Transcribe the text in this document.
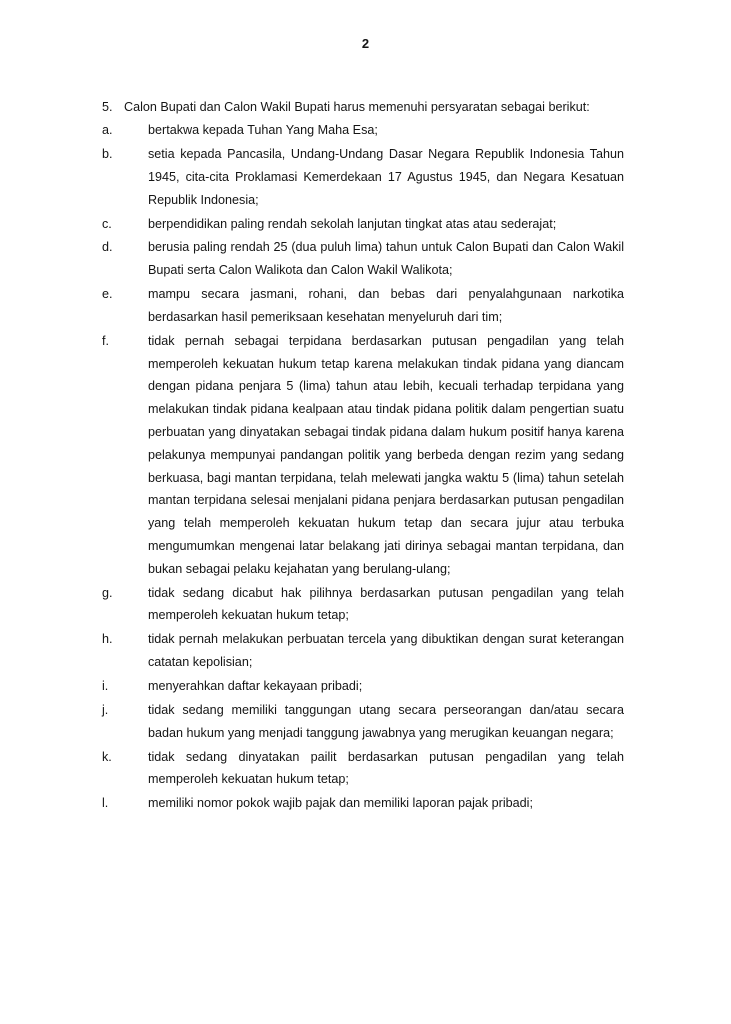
2
5. Calon Bupati dan Calon Wakil Bupati harus memenuhi persyaratan sebagai berikut:
a.	bertakwa kepada Tuhan Yang Maha Esa;
b.	setia kepada Pancasila, Undang-Undang Dasar Negara Republik Indonesia Tahun 1945, cita-cita Proklamasi Kemerdekaan 17 Agustus 1945, dan Negara Kesatuan Republik Indonesia;
c.	berpendidikan paling rendah sekolah lanjutan tingkat atas atau sederajat;
d.	berusia paling rendah 25 (dua puluh lima) tahun untuk Calon Bupati dan Calon Wakil Bupati serta Calon Walikota dan Calon Wakil Walikota;
e.	mampu secara jasmani, rohani, dan bebas dari penyalahgunaan narkotika berdasarkan hasil pemeriksaan kesehatan menyeluruh dari tim;
f.	tidak pernah sebagai terpidana berdasarkan putusan pengadilan yang telah memperoleh kekuatan hukum tetap karena melakukan tindak pidana yang diancam dengan pidana penjara 5 (lima) tahun atau lebih, kecuali terhadap terpidana yang melakukan tindak pidana kealpaan atau tindak pidana politik dalam pengertian suatu perbuatan yang dinyatakan sebagai tindak pidana dalam hukum positif hanya karena pelakunya mempunyai pandangan politik yang berbeda dengan rezim yang sedang berkuasa, bagi mantan terpidana, telah melewati jangka waktu 5 (lima) tahun setelah mantan terpidana selesai menjalani pidana penjara berdasarkan putusan pengadilan yang telah memperoleh kekuatan hukum tetap dan secara jujur atau terbuka mengumumkan mengenai latar belakang jati dirinya sebagai mantan terpidana, dan bukan sebagai pelaku kejahatan yang berulang-ulang;
g.	tidak sedang dicabut hak pilihnya berdasarkan putusan pengadilan yang telah memperoleh kekuatan hukum tetap;
h.	tidak pernah melakukan perbuatan tercela yang dibuktikan dengan surat keterangan catatan kepolisian;
i.	menyerahkan daftar kekayaan pribadi;
j.	tidak sedang memiliki tanggungan utang secara perseorangan dan/atau secara badan hukum yang menjadi tanggung jawabnya yang merugikan keuangan negara;
k.	tidak sedang dinyatakan pailit berdasarkan putusan pengadilan yang telah memperoleh kekuatan hukum tetap;
l.	memiliki nomor pokok wajib pajak dan memiliki laporan pajak pribadi;
